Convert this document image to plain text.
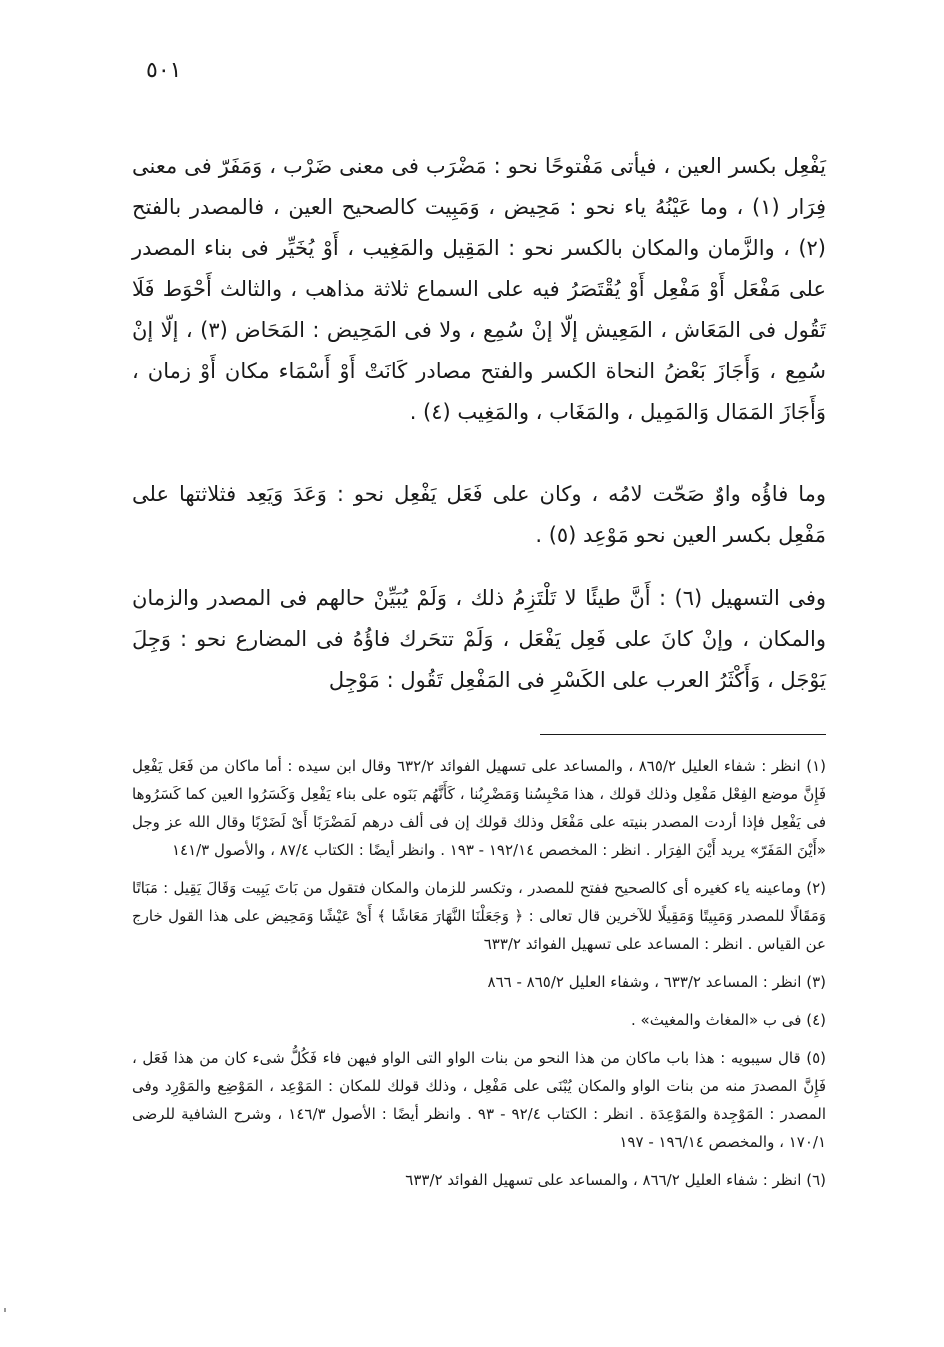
٥٠١

يَفْعِل بكسر العين ، فيأتى مَفْتوحًا نحو : مَضْرَب فى معنى ضَرْب ، وَمَفَرّ فى معنى فِرَار (١) ، وما عَيْنُهُ ياء نحو : مَحِيض ، وَمَبِيت كالصحيح العين ، فالمصدر بالفتح (٢) ، والزَّمان والمكان بالكسر نحو : المَقِيل والمَغِيب ، أَوْ يُخَيِّر فى بناء المصدر على مَفْعَل أَوْ مَفْعِل أَوْ يُقْتَصَرُ فيه على السماع ثلاثة مذاهب ، والثالث أَحْوَط فَلَا تَقُول فى المَعَاش ، المَعِيش إلّا إنْ سُمِع ، ولا فى المَحِيض : المَحَاض (٣) ، إلّا إنْ سُمِع ، وَأَجَازَ بَعْضُ النحاة الكسر والفتح مصادر كَانَتْ أَوْ أَسْمَاء مكان أَوْ زمان ، وَأَجَازَ المَمَال وَالمَمِيل ، والمَغَاب ، والمَغِيب (٤) .

وما فاؤُه واوٌ صَحّت لامُه ، وكان على فَعَل يَفْعِل نحو : وَعَدَ وَيَعِد فثلاثتها على مَفْعِل بكسر العين نحو مَوْعِد (٥) .

وفى التسهيل (٦) : أَنَّ طيئًا لا تَلْتَزِمُ ذلك ، وَلَمْ يُبَيِّنْ حالهم فى المصدر والزمان والمكان ، وإنْ كانَ على فَعِل يَفْعَل ، وَلَمْ تتحَرك فاؤُهُ فى المضارع نحو : وَجِلَ يَوْجَل ، وَأَكْثَرُ العرب على الكَسْرِ فى المَفْعِل تَقُول : مَوْجِل

(١) انظر : شفاء العليل ٨٦٥/٢ ، والمساعد على تسهيل الفوائد ٦٣٢/٢ وقال ابن سيده : أما ماكان من فَعَل يَفْعِل فَإِنَّ موضع الفِعْل مَفْعِل وذلك قولك ، هذا مَحْبِسُنا وَمَضْرِبُنا ، كَأَنَّهُم بَنَوه على بناء يَفْعِل وَكَسَرُوا العين كما كَسَرُوها فى يَفْعِل فإذا أردت المصدر بنيته على مَفْعَل وذلك قولك إن فى ألف درهم لَمَضْرَبًا أَىْ لَضَرْبًا وقال الله عز وجل «أَيْنَ المَفَرّ» يريد أَيْنَ الفِرَار . انظر : المخصص ١٩٢/١٤ - ١٩٣ . وانظر أيضًا : الكتاب ٨٧/٤ ، والأصول ١٤١/٣

(٢) وماعينه ياء كغيره أى كالصحيح ففتح للمصدر ، وتكسر للزمان والمكان فتقول من بَاتَ يَبِيت وَقَالَ يَقِيل : مَبَاتًا وَمَقَالًا للمصدر وَمَبِيتًا وَمَقِيلًا للآخرين قال تعالى : ﴿ وَجَعَلْنَا النَّهَارَ مَعَاشًا ﴾ أَىْ عَيْشًا وَمَحِيض على هذا القول خارج عن القياس . انظر : المساعد على تسهيل الفوائد ٦٣٣/٢

(٣) انظر : المساعد ٦٣٣/٢ ، وشفاء العليل ٨٦٥/٢ - ٨٦٦

(٤) فى ب «المغاث والمغيث» .

(٥) قال سيبويه : هذا باب ماكان من هذا النحو من بنات الواو التى الواو فيهن فاء فَكُلُّ شىء كان من هذا فَعَل ، فَإِنَّ المصدرَ منه من بنات الواو والمكان يُبْنَى على مَفْعِل ، وذلك قولك للمكان : المَوْعِد ، المَوْضِع والمَوْرِد وفى المصدر : المَوْجِدة والمَوْعِدَة . انظر : الكتاب ٩٢/٤ - ٩٣ . وانظر أيضًا : الأصول ١٤٦/٣ ، وشرح الشافية للرضى ١٧٠/١ ، والمخصص ١٩٦/١٤ - ١٩٧

(٦) انظر : شفاء العليل ٨٦٦/٢ ، والمساعد على تسهيل الفوائد ٦٣٣/٢
